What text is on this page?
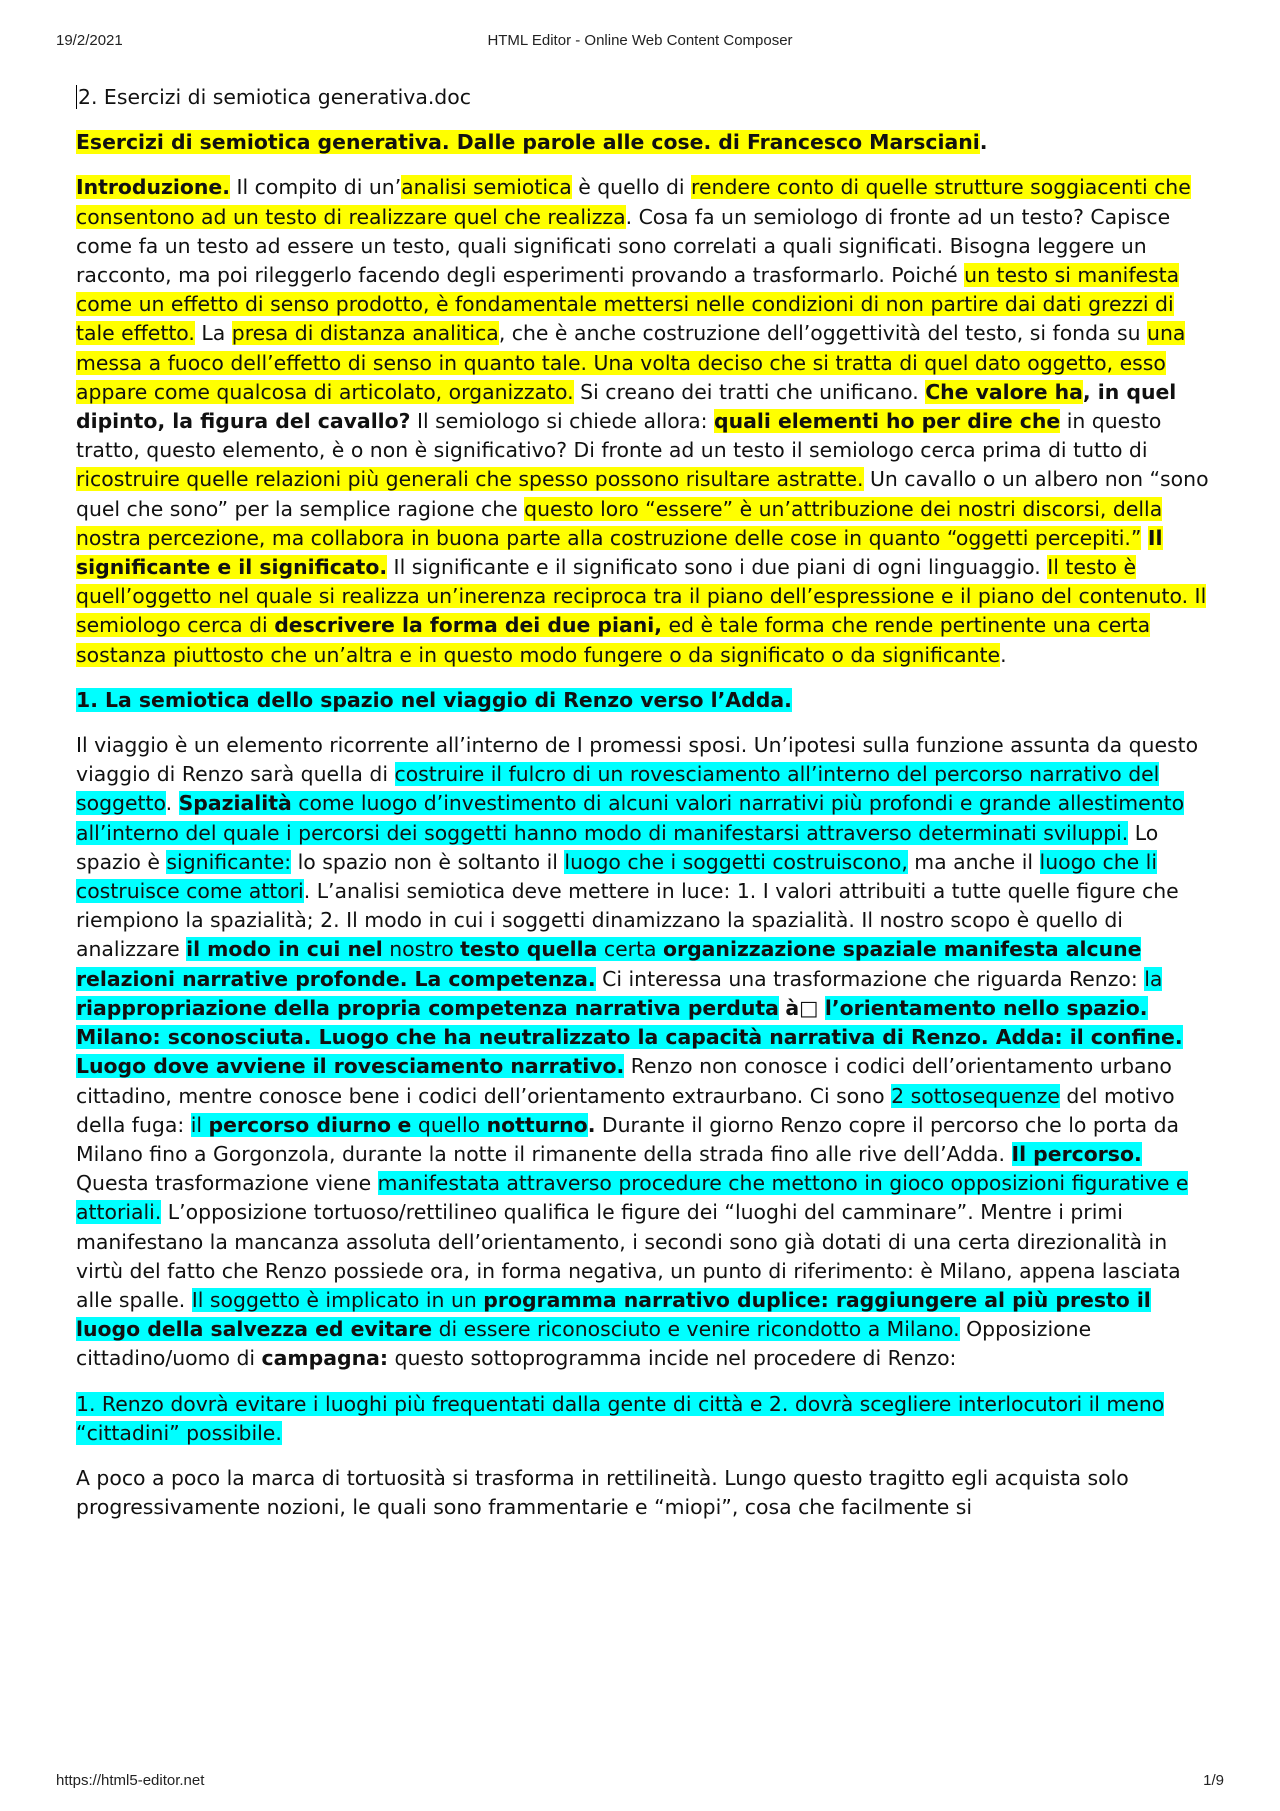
19/2/2021	HTML Editor - Online Web Content Composer

2. Esercizi di semiotica generativa.doc

Esercizi di semiotica generativa. Dalle parole alle cose. di Francesco Marsciani.

Introduzione. Il compito di un’analisi semiotica è quello di rendere conto di quelle strutture soggiacenti che consentono ad un testo di realizzare quel che realizza. Cosa fa un semiologo di fronte ad un testo? Capisce come fa un testo ad essere un testo, quali significati sono correlati a quali significati. Bisogna leggere un racconto, ma poi rileggerlo facendo degli esperimenti provando a trasformarlo. Poiché un testo si manifesta come un effetto di senso prodotto, è fondamentale mettersi nelle condizioni di non partire dai dati grezzi di tale effetto. La presa di distanza analitica, che è anche costruzione dell’oggettività del testo, si fonda su una messa a fuoco dell’effetto di senso in quanto tale. Una volta deciso che si tratta di quel dato oggetto, esso appare come qualcosa di articolato, organizzato. Si creano dei tratti che unificano. Che valore ha, in quel dipinto, la figura del cavallo? Il semiologo si chiede allora: quali elementi ho per dire che in questo tratto, questo elemento, è o non è significativo? Di fronte ad un testo il semiologo cerca prima di tutto di ricostruire quelle relazioni più generali che spesso possono risultare astratte. Un cavallo o un albero non “sono quel che sono” per la semplice ragione che questo loro “essere” è un’attribuzione dei nostri discorsi, della nostra percezione, ma collabora in buona parte alla costruzione delle cose in quanto “oggetti percepiti.” Il significante e il significato. Il significante e il significato sono i due piani di ogni linguaggio. Il testo è quell’oggetto nel quale si realizza un’inerenza reciproca tra il piano dell’espressione e il piano del contenuto. Il semiologo cerca di descrivere la forma dei due piani, ed è tale forma che rende pertinente una certa sostanza piuttosto che un’altra e in questo modo fungere o da significato o da significante.

1. La semiotica dello spazio nel viaggio di Renzo verso l’Adda.

Il viaggio è un elemento ricorrente all’interno de I promessi sposi. Un’ipotesi sulla funzione assunta da questo viaggio di Renzo sarà quella di costruire il fulcro di un rovesciamento all’interno del percorso narrativo del soggetto. Spazialità come luogo d’investimento di alcuni valori narrativi più profondi e grande allestimento all’interno del quale i percorsi dei soggetti hanno modo di manifestarsi attraverso determinati sviluppi. Lo spazio è significante: lo spazio non è soltanto il luogo che i soggetti costruiscono, ma anche il luogo che li costruisce come attori. L’analisi semiotica deve mettere in luce: 1. I valori attribuiti a tutte quelle figure che riempiono la spazialità; 2. Il modo in cui i soggetti dinamizzano la spazialità. Il nostro scopo è quello di analizzare il modo in cui nel nostro testo quella certa organizzazione spaziale manifesta alcune relazioni narrative profonde. La competenza. Ci interessa una trasformazione che riguarda Renzo: la riappropriazione della propria competenza narrativa perduta à□ l’orientamento nello spazio. Milano: sconosciuta. Luogo che ha neutralizzato la capacità narrativa di Renzo. Adda: il confine. Luogo dove avviene il rovesciamento narrativo. Renzo non conosce i codici dell’orientamento urbano cittadino, mentre conosce bene i codici dell’orientamento extraurbano. Ci sono 2 sottosequenze del motivo della fuga: il percorso diurno e quello notturno. Durante il giorno Renzo copre il percorso che lo porta da Milano fino a Gorgonzola, durante la notte il rimanente della strada fino alle rive dell’Adda. Il percorso. Questa trasformazione viene manifestata attraverso procedure che mettono in gioco opposizioni figurative e attoriali. L’opposizione tortuoso/rettilineo qualifica le figure dei “luoghi del camminare”. Mentre i primi manifestano la mancanza assoluta dell’orientamento, i secondi sono già dotati di una certa direzionalità in virtù del fatto che Renzo possiede ora, in forma negativa, un punto di riferimento: è Milano, appena lasciata alle spalle. Il soggetto è implicato in un programma narrativo duplice: raggiungere al più presto il luogo della salvezza ed evitare di essere riconosciuto e venire ricondotto a Milano. Opposizione cittadino/uomo di campagna: questo sottoprogramma incide nel procedere di Renzo:

1. Renzo dovrà evitare i luoghi più frequentati dalla gente di città e 2. dovrà scegliere interlocutori il meno “cittadini” possibile.

A poco a poco la marca di tortuosità si trasforma in rettilineità. Lungo questo tragitto egli acquista solo progressivamente nozioni, le quali sono frammentarie e “miopi”, cosa che facilmente si

https://html5-editor.net	1/9
